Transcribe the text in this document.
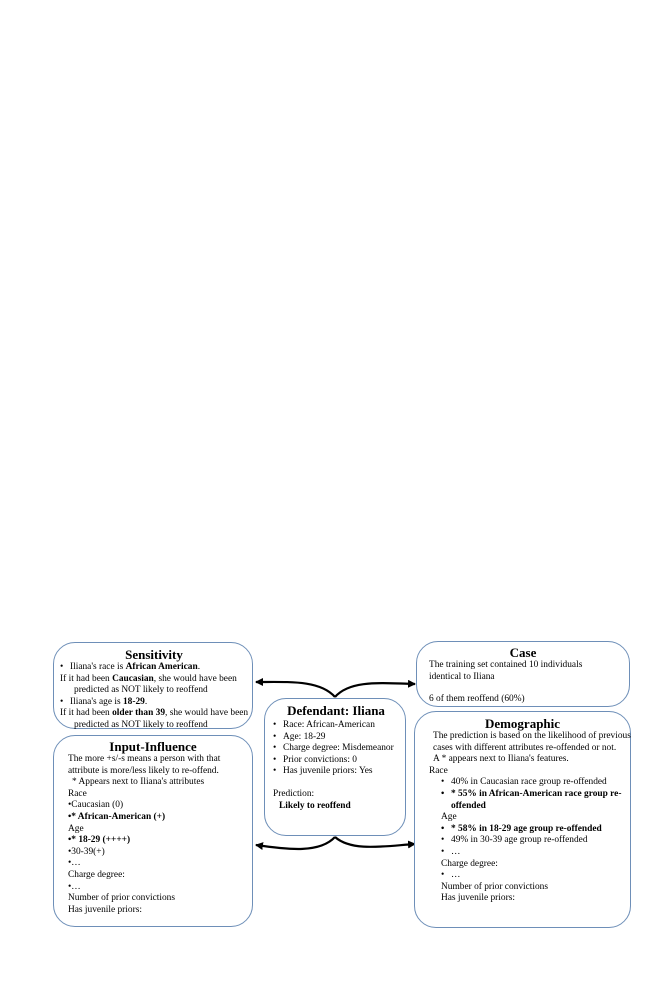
Sensitivity
• Iliana's race is African American.
If it had been Caucasian, she would have been
predicted as NOT likely to reoffend
• Iliana's age is 18-29.
If it had been older than 39, she would have been
predicted as NOT likely to reoffend
Input-Influence
The more +s/-s means a person with that
attribute is more/less likely to re-offend.
* Appears next to Iliana's attributes
Race
•Caucasian (0)
•* African-American (+)
Age
•* 18-29 (++++)
•30-39(+)
•…
Charge degree:
•…
Number of prior convictions
Has juvenile priors:
Defendant: Iliana
• Race: African-American
• Age: 18-29
• Charge degree: Misdemeanor
• Prior convictions: 0
• Has juvenile priors: Yes
Prediction:
Likely to reoffend
Case
The training set contained 10 individuals
identical to Iliana
6 of them reoffend (60%)
Demographic
The prediction is based on the likelihood of previous
cases with different attributes re-offended or not.
A * appears next to Iliana's features.
Race
• 40% in Caucasian race group re-offended
• * 55% in African-American race group re-
offended
Age
• * 58% in 18-29 age group re-offended
• 49% in 30-39 age group re-offended
• …
Charge degree:
• …
Number of prior convictions
Has juvenile priors:
